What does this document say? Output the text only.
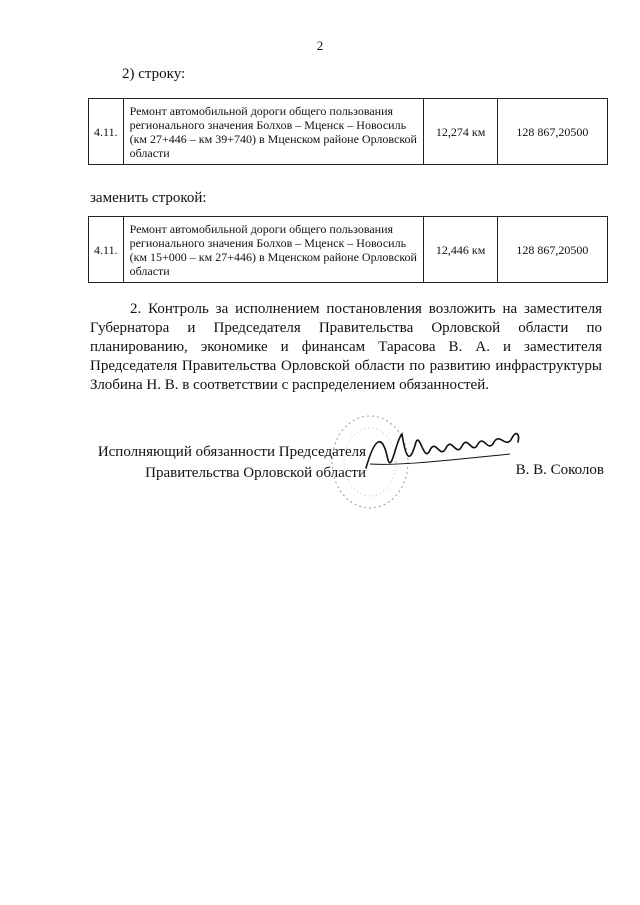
2
2) строку:
4.11.	Ремонт автомобильной дороги общего пользования регионального значения Болхов – Мценск – Новосиль (км 27+446 – км 39+740) в Мценском районе Орловской области	12,274 км	128 867,20500
заменить строкой:
4.11.	Ремонт автомобильной дороги общего пользования регионального значения Болхов – Мценск – Новосиль (км 15+000 – км 27+446) в Мценском районе Орловской области	12,446 км	128 867,20500
2. Контроль за исполнением постановления возложить на заместителя Губернатора и Председателя Правительства Орловской области по планированию, экономике и финансам Тарасова В. А. и заместителя Председателя Правительства Орловской области по развитию инфраструктуры Злобина Н. В. в соответствии с распределением обязанностей.
Исполняющий обязанности Председателя
Правительства Орловской области	В. В. Соколов
